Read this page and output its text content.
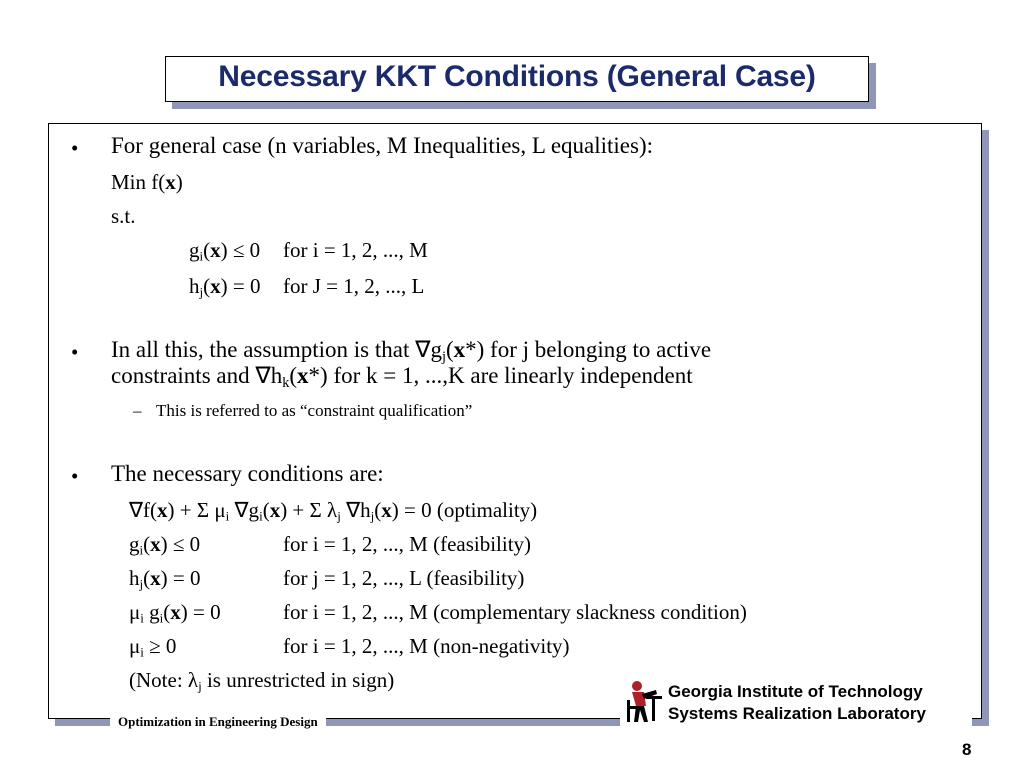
Necessary KKT Conditions (General Case)
• For general case (n variables, M Inequalities, L equalities):
Min f(x)
s.t.
$g_i(x) \le 0$ for i = 1, 2, ..., M
$h_j(x) = 0$ for J = 1, 2, ..., L
• In all this, the assumption is that $\nabla g_j(x*)$ for j belonging to active
constraints and $\nabla h_k(x*)$ for k = 1, ...,K are linearly independent
– This is referred to as “constraint qualification”
• The necessary conditions are:
∇f(x) + Σ $\mu_i$ $\nabla g_i(x) + \Sigma$ $\lambda_j$ $\nabla h_j(x) = 0$ (optimality)
$g_i(x) \le 0$	for i = 1, 2, ..., M (feasibility)
$h_j(x) = 0$	for j = 1, 2, ..., L (feasibility)
$\mu_i$ $g_i(x) = 0$	for i = 1, 2, ..., M (complementary slackness condition)
$\mu_i \ge 0$	for i = 1, 2, ..., M (non-negativity)
(Note: $\lambda_j$ is unrestricted in sign)
Optimization in Engineering Design
Georgia Institute of Technology
Systems Realization Laboratory
8
